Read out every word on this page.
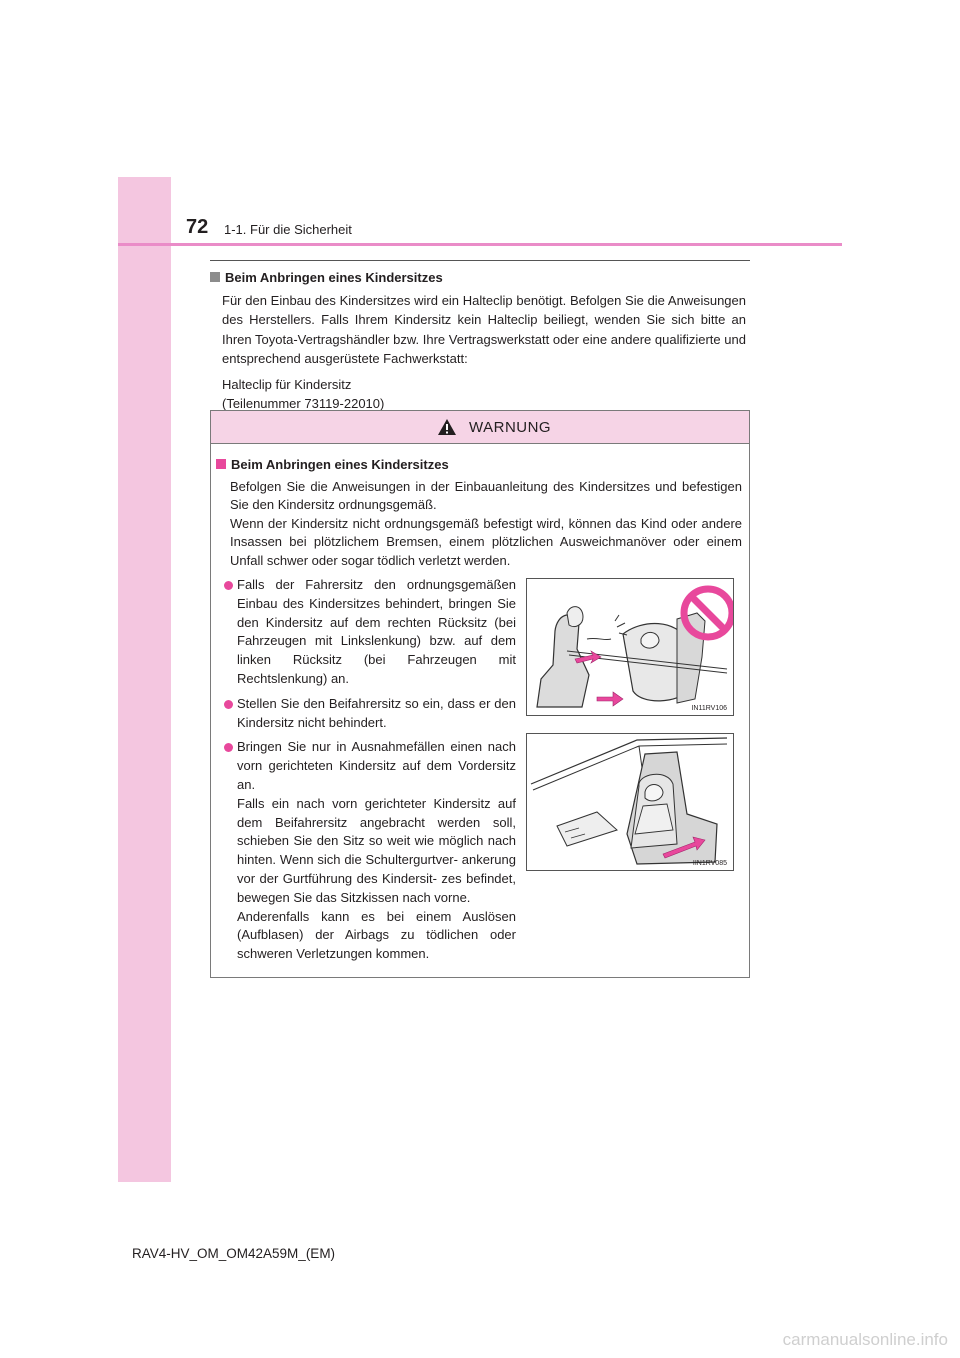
72 1-1. Für die Sicherheit

Beim Anbringen eines Kindersitzes

Für den Einbau des Kindersitzes wird ein Halteclip benötigt. Befolgen Sie die Anweisungen des Herstellers. Falls Ihrem Kindersitz kein Halteclip beiliegt, wenden Sie sich bitte an Ihren Toyota-Vertragshändler bzw. Ihre Vertragswerkstatt oder eine andere qualifizierte und entsprechend ausgerüstete Fachwerkstatt:

Halteclip für Kindersitz
(Teilenummer 73119-22010)

WARNUNG

Beim Anbringen eines Kindersitzes

Befolgen Sie die Anweisungen in der Einbauanleitung des Kindersitzes und befestigen Sie den Kindersitz ordnungsgemäß.

Wenn der Kindersitz nicht ordnungsgemäß befestigt wird, können das Kind oder andere Insassen bei plötzlichem Bremsen, einem plötzlichen Ausweichmanöver oder einem Unfall schwer oder sogar tödlich verletzt werden.

Falls der Fahrersitz den ordnungsgemäßen Einbau des Kindersitzes behindert, bringen Sie den Kindersitz auf dem rechten Rücksitz (bei Fahrzeugen mit Linkslenkung) bzw. auf dem linken Rücksitz (bei Fahrzeugen mit Rechtslenkung) an.
Stellen Sie den Beifahrersitz so ein, dass er den Kindersitz nicht behindert.
Bringen Sie nur in Ausnahmefällen einen nach vorn gerichteten Kindersitz auf dem Vordersitz an.
Falls ein nach vorn gerichteter Kindersitz auf dem Beifahrersitz angebracht werden soll, schieben Sie den Sitz so weit wie möglich nach hinten. Wenn sich die Schultergurtver- ankerung vor der Gurtführung des Kindersit- zes befindet, bewegen Sie das Sitzkissen nach vorne.
Anderenfalls kann es bei einem Auslösen (Aufblasen) der Airbags zu tödlichen oder schweren Verletzungen kommen.
IN11RV106
IIN1RV085
RAV4-HV_OM_OM42A59M_(EM)
carmanualsonline.info
